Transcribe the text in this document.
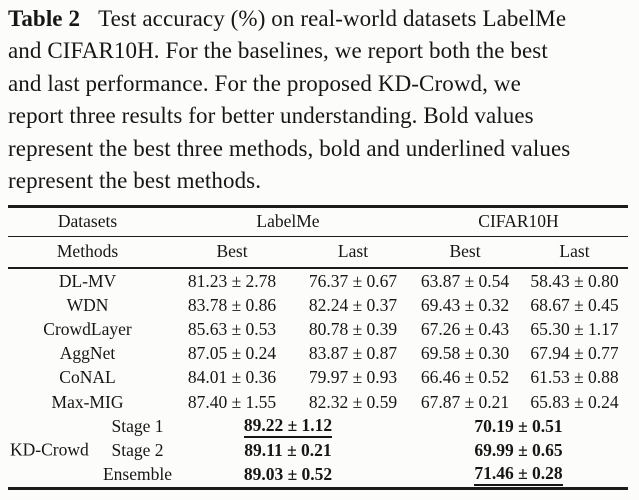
Table 2 Test accuracy (%) on real-world datasets LabelMe
and CIFAR10H. For the baselines, we report both the best
and last performance. For the proposed KD-Crowd, we
report three results for better understanding. Bold values
represent the best three methods, bold and underlined values
represent the best methods.
Datasets	LabelMe	CIFAR10H
Methods	Best	Last	Best	Last
DL-MV	81.23 ± 2.78	76.37 ± 0.67	63.87 ± 0.54	58.43 ± 0.80
WDN	83.78 ± 0.86	82.24 ± 0.37	69.43 ± 0.32	68.67 ± 0.45
CrowdLayer	85.63 ± 0.53	80.78 ± 0.39	67.26 ± 0.43	65.30 ± 1.17
AggNet	87.05 ± 0.24	83.87 ± 0.87	69.58 ± 0.30	67.94 ± 0.77
CoNAL	84.01 ± 0.36	79.97 ± 0.93	66.46 ± 0.52	61.53 ± 0.88
Max-MIG	87.40 ± 1.55	82.32 ± 0.59	67.87 ± 0.21	65.83 ± 0.24
KD-Crowd
Stage 1	89.22 ± 1.12	70.19 ± 0.51
Stage 2	89.11 ± 0.21	69.99 ± 0.65
Ensemble	89.03 ± 0.52	71.46 ± 0.28
